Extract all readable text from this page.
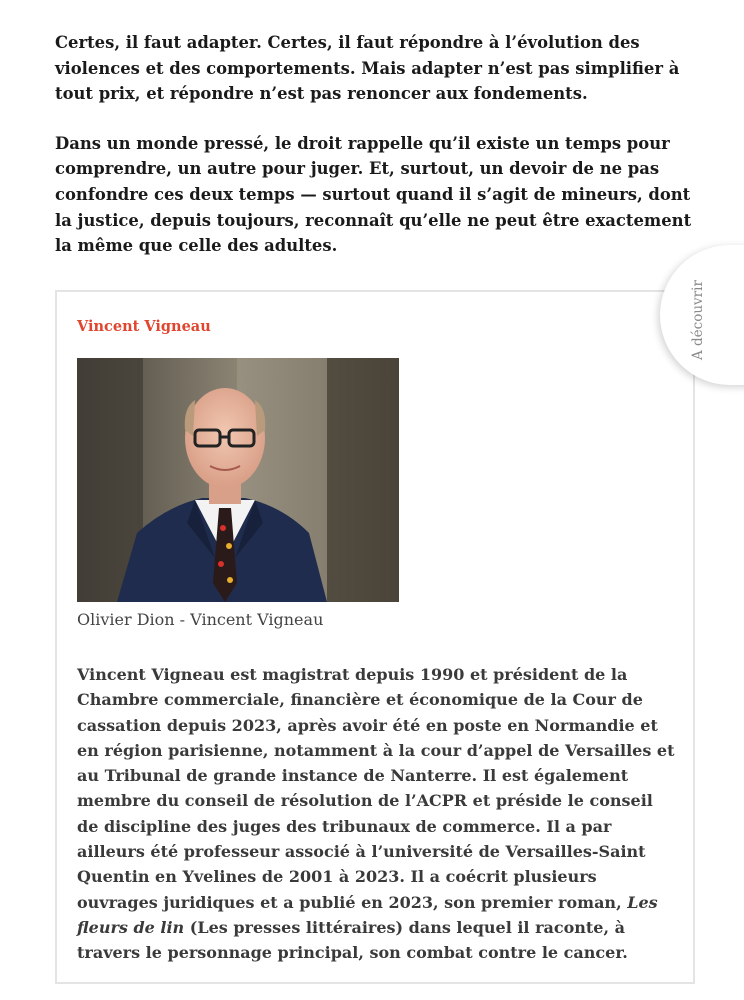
Certes, il faut adapter. Certes, il faut répondre à l’évolution des violences et des comportements. Mais adapter n’est pas simplifier à tout prix, et répondre n’est pas renoncer aux fondements.

Dans un monde pressé, le droit rappelle qu’il existe un temps pour comprendre, un autre pour juger. Et, surtout, un devoir de ne pas confondre ces deux temps — surtout quand il s’agit de mineurs, dont la justice, depuis toujours, reconnaît qu’elle ne peut être exactement la même que celle des adultes.

Vincent Vigneau
Olivier Dion - Vincent Vigneau

Vincent Vigneau est magistrat depuis 1990 et président de la Chambre commerciale, financière et économique de la Cour de cassation depuis 2023, après avoir été en poste en Normandie et en région parisienne, notamment à la cour d’appel de Versailles et au Tribunal de grande instance de Nanterre. Il est également membre du conseil de résolution de l’ACPR et préside le conseil de discipline des juges des tribunaux de commerce. Il a par ailleurs été professeur associé à l’université de Versailles-Saint Quentin en Yvelines de 2001 à 2023. Il a coécrit plusieurs ouvrages juridiques et a publié en 2023, son premier roman, Les fleurs de lin (Les presses littéraires) dans lequel il raconte, à travers le personnage principal, son combat contre le cancer.

A découvrir
